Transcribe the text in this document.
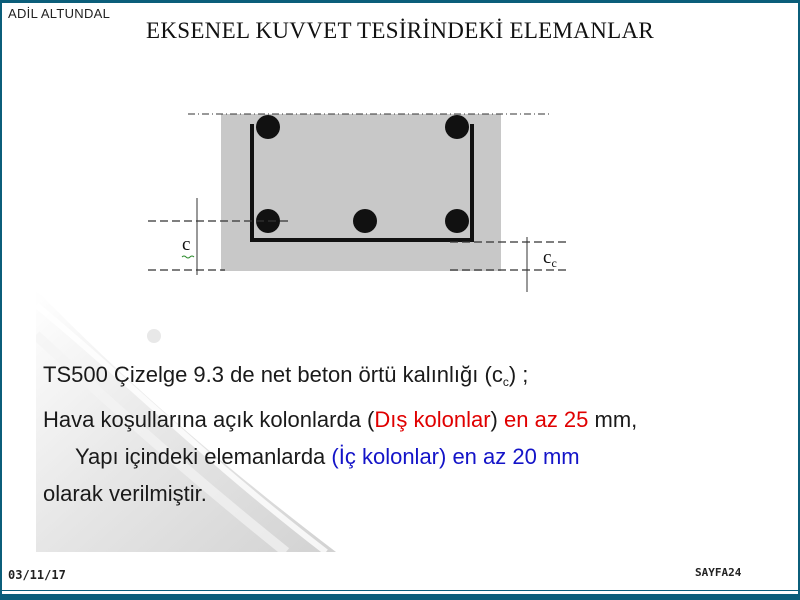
ADİL ALTUNDAL
EKSENEL KUVVET TESİRİNDEKİ ELEMANLAR
c
$c_c$
TS500 Çizelge 9.3 de net beton örtü kalınlığı $(c_c)$ ;
Hava koşullarına açık kolonlarda (Dış kolonlar) en az 25 mm,
Yapı içindeki elemanlarda (İç kolonlar) en az 20 mm
olarak verilmiştir.
03/11/17	SAYFA24
